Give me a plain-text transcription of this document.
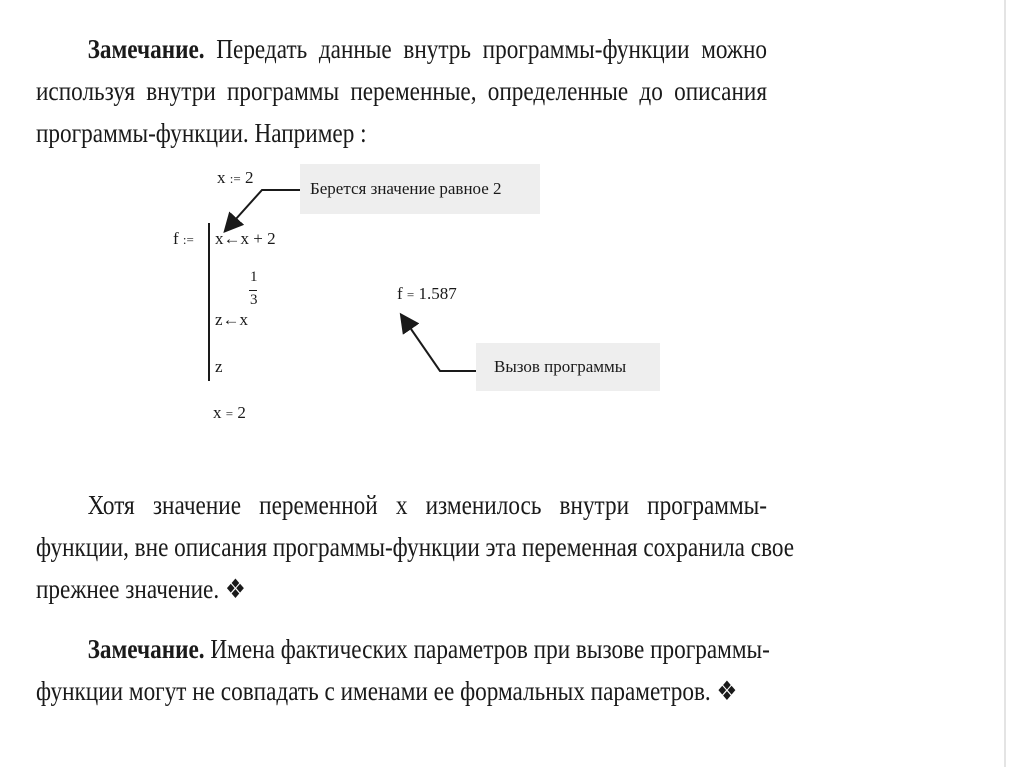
Замечание. Передать данные внутрь программы-функции можно
используя внутри программы переменные, определенные до описания
программы-функции. Например :
x := 2
Берется значение равное 2
f := x←x + 2
z←x
1
3
z
x = 2
f = 1.587
Вызов программы
Хотя значение переменной x изменилось внутри программы-
функции, вне описания программы-функции эта переменная сохранила свое
прежнее значение. ❖
Замечание. Имена фактических параметров при вызове программы-
функции могут не совпадать с именами ее формальных параметров. ❖
